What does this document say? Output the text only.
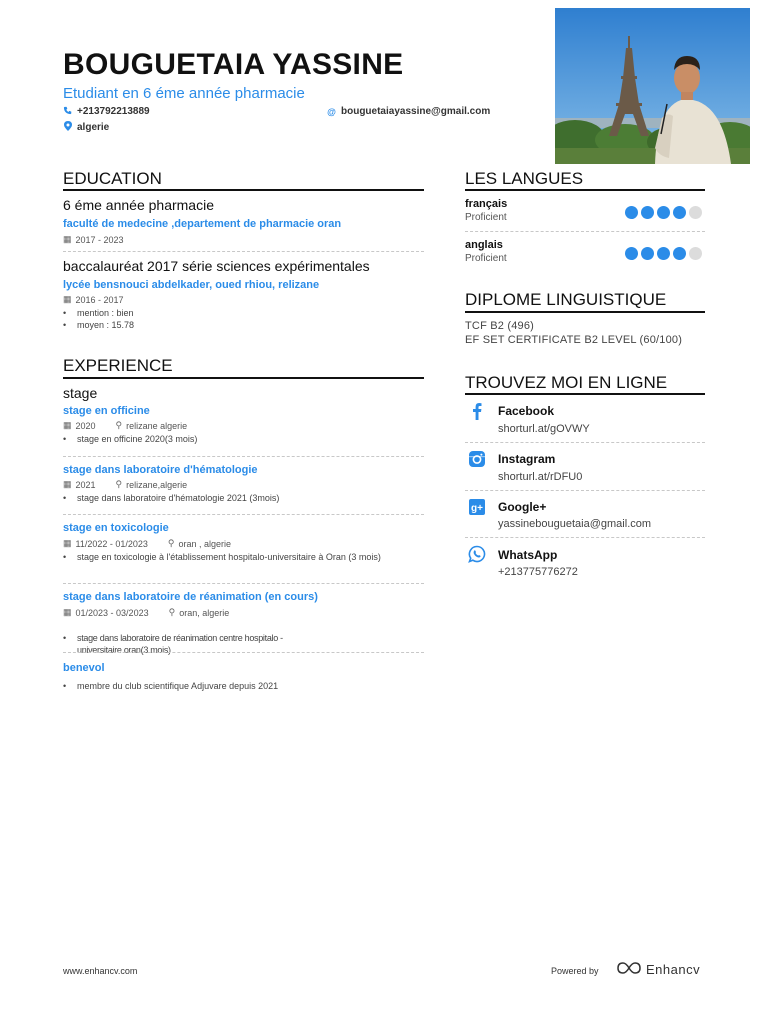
BOUGUETAIA YASSINE
Etudiant en 6 éme année pharmacie
+213792213889	@ bouguetaiayassine@gmail.com
algerie
EDUCATION
6 éme année pharmacie
faculté de medecine ,departement de pharmacie oran
▦ 2017 - 2023
baccalauréat 2017 série sciences expérimentales
lycée bensnouci abdelkader, oued rhiou, relizane
▦ 2016 - 2017
• mention : bien
• moyen : 15.78
EXPERIENCE
stage
stage en officine
▦ 2020 ⚲ relizane algerie
• stage en officine 2020(3 mois)
stage dans laboratoire d'hématologie
▦ 2021 ⚲ relizane,algerie
• stage dans laboratoire d'hématologie 2021 (3mois)
stage en toxicologie
▦ 11/2022 - 01/2023 ⚲ oran , algerie
• stage en toxicologie à l'établissement hospitalo-universitaire à Oran (3 mois)
stage dans laboratoire de réanimation (en cours)
▦ 01/2023 - 03/2023 ⚲ oran, algerie
• stage dans laboratoire de réanimation centre hospitalo -universitaire oran(3 mois)
benevol
• membre du club scientifique Adjuvare depuis 2021
LES LANGUES
français
Proficient
anglais
Proficient
DIPLOME LINGUISTIQUE
TCF B2 (496)
EF SET CERTIFICATE B2 LEVEL (60/100)
TROUVEZ MOI EN LIGNE
Facebook
shorturl.at/gOVWY
Instagram
shorturl.at/rDFU0
g+ Google+
yassinebouguetaia@gmail.com
WhatsApp
+213775776272
www.enhancv.com	Powered by	Enhancv
